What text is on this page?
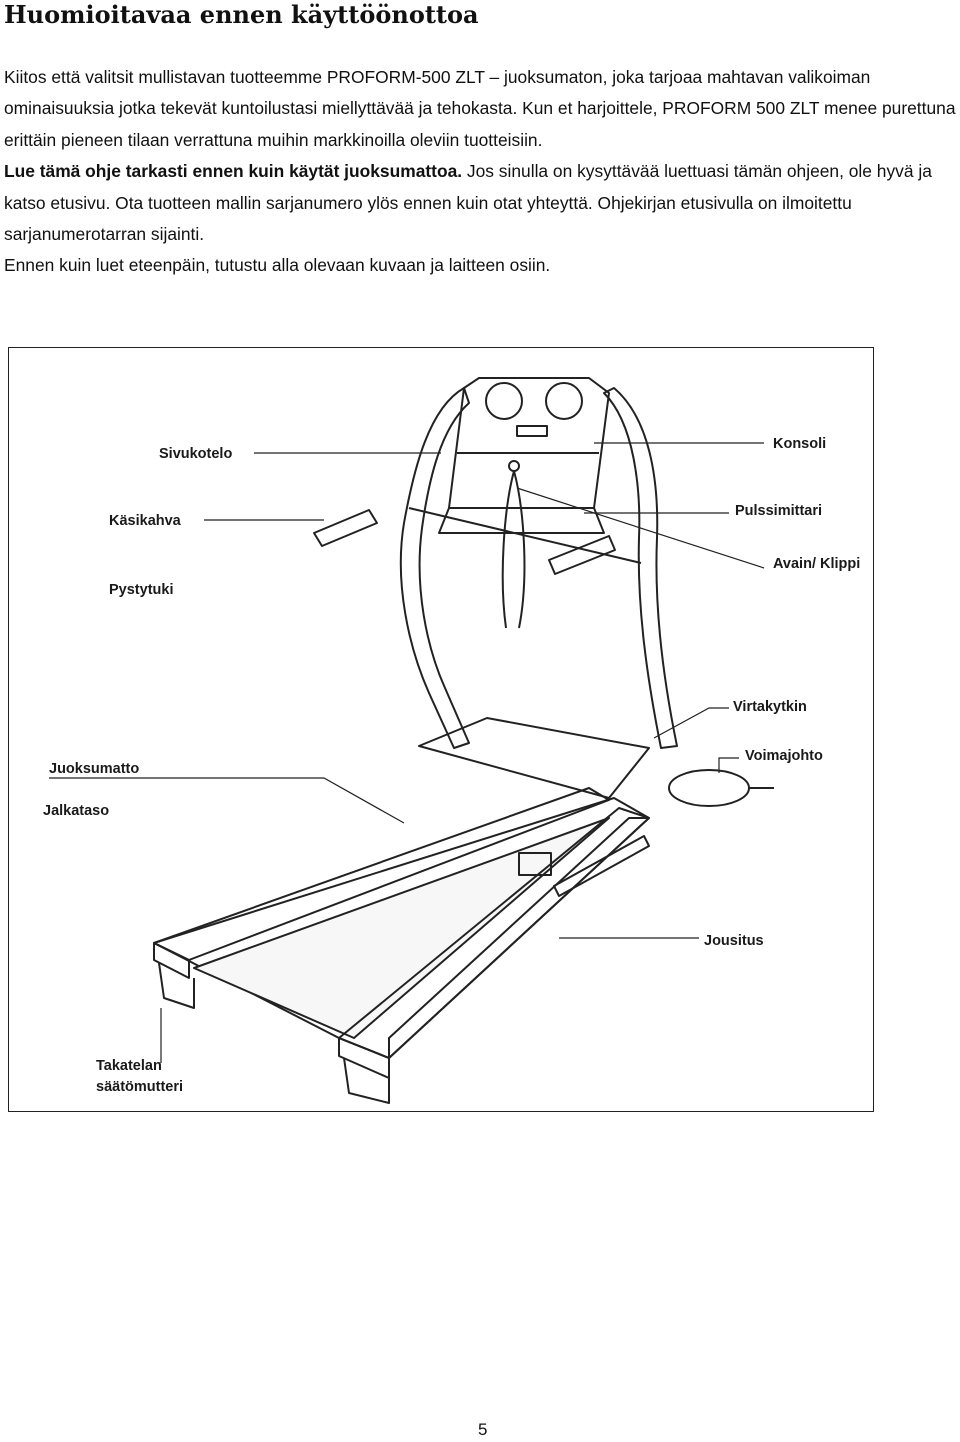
Huomioitavaa ennen käyttöönottoa

Kiitos että valitsit mullistavan tuotteemme PROFORM-500 ZLT – juoksumaton, joka tarjoaa mahtavan valikoiman ominaisuuksia jotka tekevät kuntoilustasi miellyttävää ja tehokasta. Kun et harjoittele, PROFORM 500 ZLT menee purettuna erittäin pieneen tilaan verrattuna muihin markkinoilla oleviin tuotteisiin.

Lue tämä ohje tarkasti ennen kuin käytät juoksumattoa. Jos sinulla on kysyttävää luettuasi tämän ohjeen, ole hyvä ja katso etusivu. Ota tuotteen mallin sarjanumero ylös ennen kuin otat yhteyttä. Ohjekirjan etusivulla on ilmoitettu sarjanumerotarran sijainti.

Ennen kuin luet eteenpäin, tutustu alla olevaan kuvaan ja laitteen osiin.

Sivukotelo
Käsikahva
Pystytuki
Juoksumatto
Jalkataso
Takatelan
säätömutteri
Konsoli
Pulssimittari
Avain/ Klippi
Virtakytkin
Voimajohto
Jousitus
5
